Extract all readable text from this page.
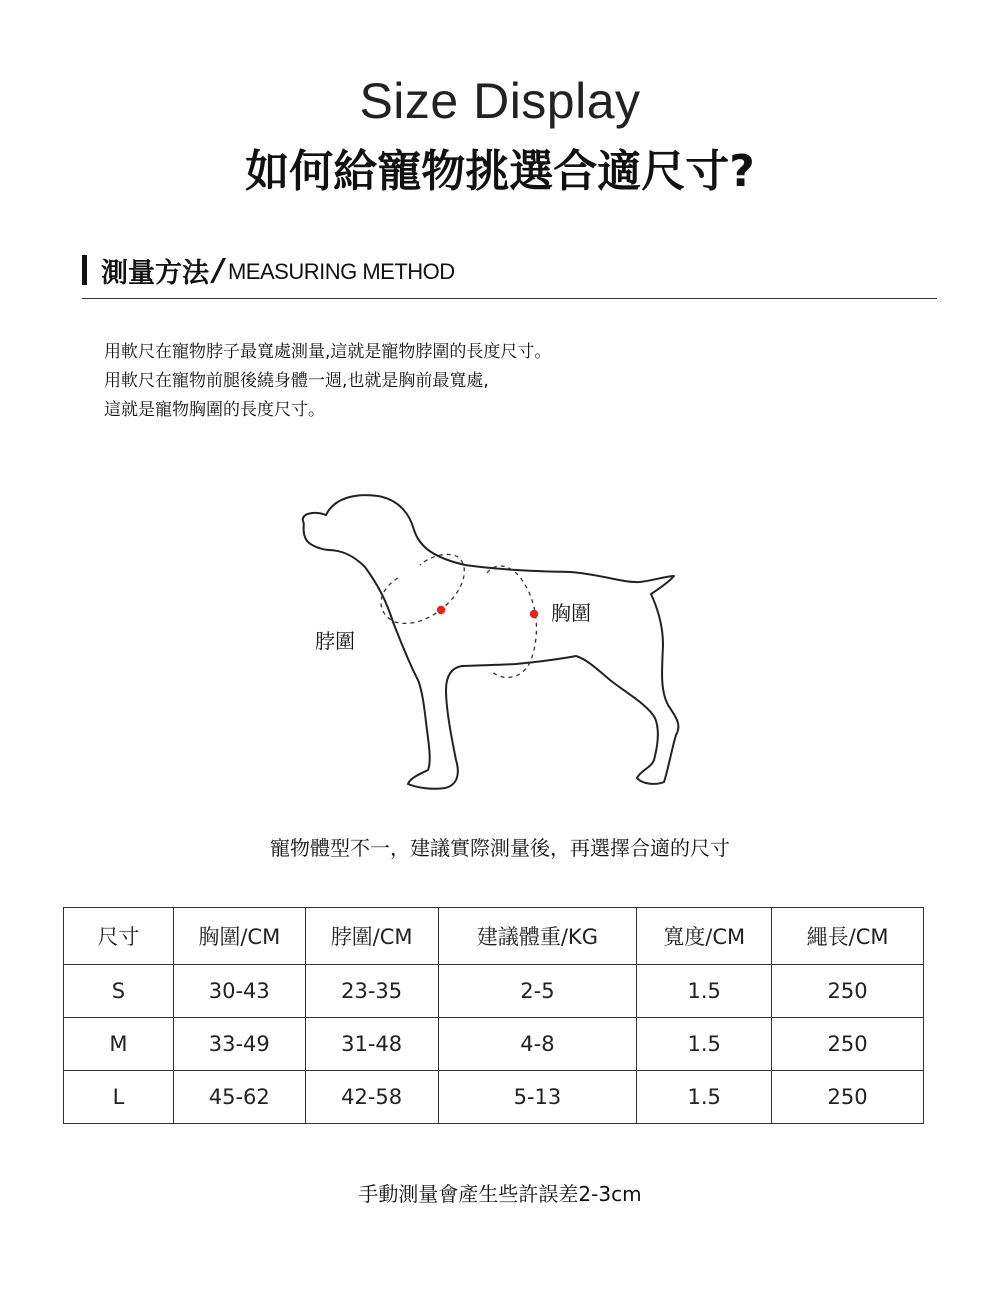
Size Display
如何給寵物挑選合適尺寸?
測量方法 / MEASURING METHOD
用軟尺在寵物脖子最寬處測量,這就是寵物脖圍的長度尺寸。
用軟尺在寵物前腿後繞身體一週,也就是胸前最寬處,
這就是寵物胸圍的長度尺寸。
脖圍
胸圍
寵物體型不一，建議實際測量後，再選擇合適的尺寸
尺寸	胸圍/CM	脖圍/CM	建議體重/KG	寬度/CM	繩長/CM
S	30-43	23-35	2-5	1.5	250
M	33-49	31-48	4-8	1.5	250
L	45-62	42-58	5-13	1.5	250
手動測量會產生些許誤差2-3cm
